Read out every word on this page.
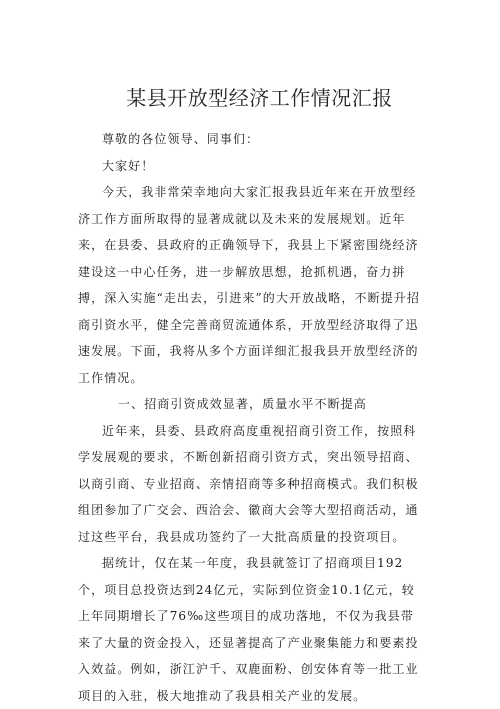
某县开放型经济工作情况汇报

尊敬的各位领导、同事们：

大家好！

今天，我非常荣幸地向大家汇报我县近年来在开放型经济工作方面所取得的显著成就以及未来的发展规划。近年来，在县委、县政府的正确领导下，我县上下紧密围绕经济建设这一中心任务，进一步解放思想，抢抓机遇，奋力拼搏，深入实施“走出去，引进来”的大开放战略，不断提升招商引资水平，健全完善商贸流通体系，开放型经济取得了迅速发展。下面，我将从多个方面详细汇报我县开放型经济的工作情况。

一、招商引资成效显著，质量水平不断提高

近年来，县委、县政府高度重视招商引资工作，按照科学发展观的要求，不断创新招商引资方式，突出领导招商、以商引商、专业招商、亲情招商等多种招商模式。我们积极组团参加了广交会、西洽会、徽商大会等大型招商活动，通过这些平台，我县成功签约了一大批高质量的投资项目。

据统计，仅在某一年度，我县就签订了招商项目192个，项目总投资达到24亿元，实际到位资金10.1亿元，较上年同期增长了76‰这些项目的成功落地，不仅为我县带来了大量的资金投入，还显著提高了产业聚集能力和要素投入效益。例如，浙江沪千、双鹿面粉、创安体育等一批工业项目的入驻，极大地推动了我县相关产业的发展。
